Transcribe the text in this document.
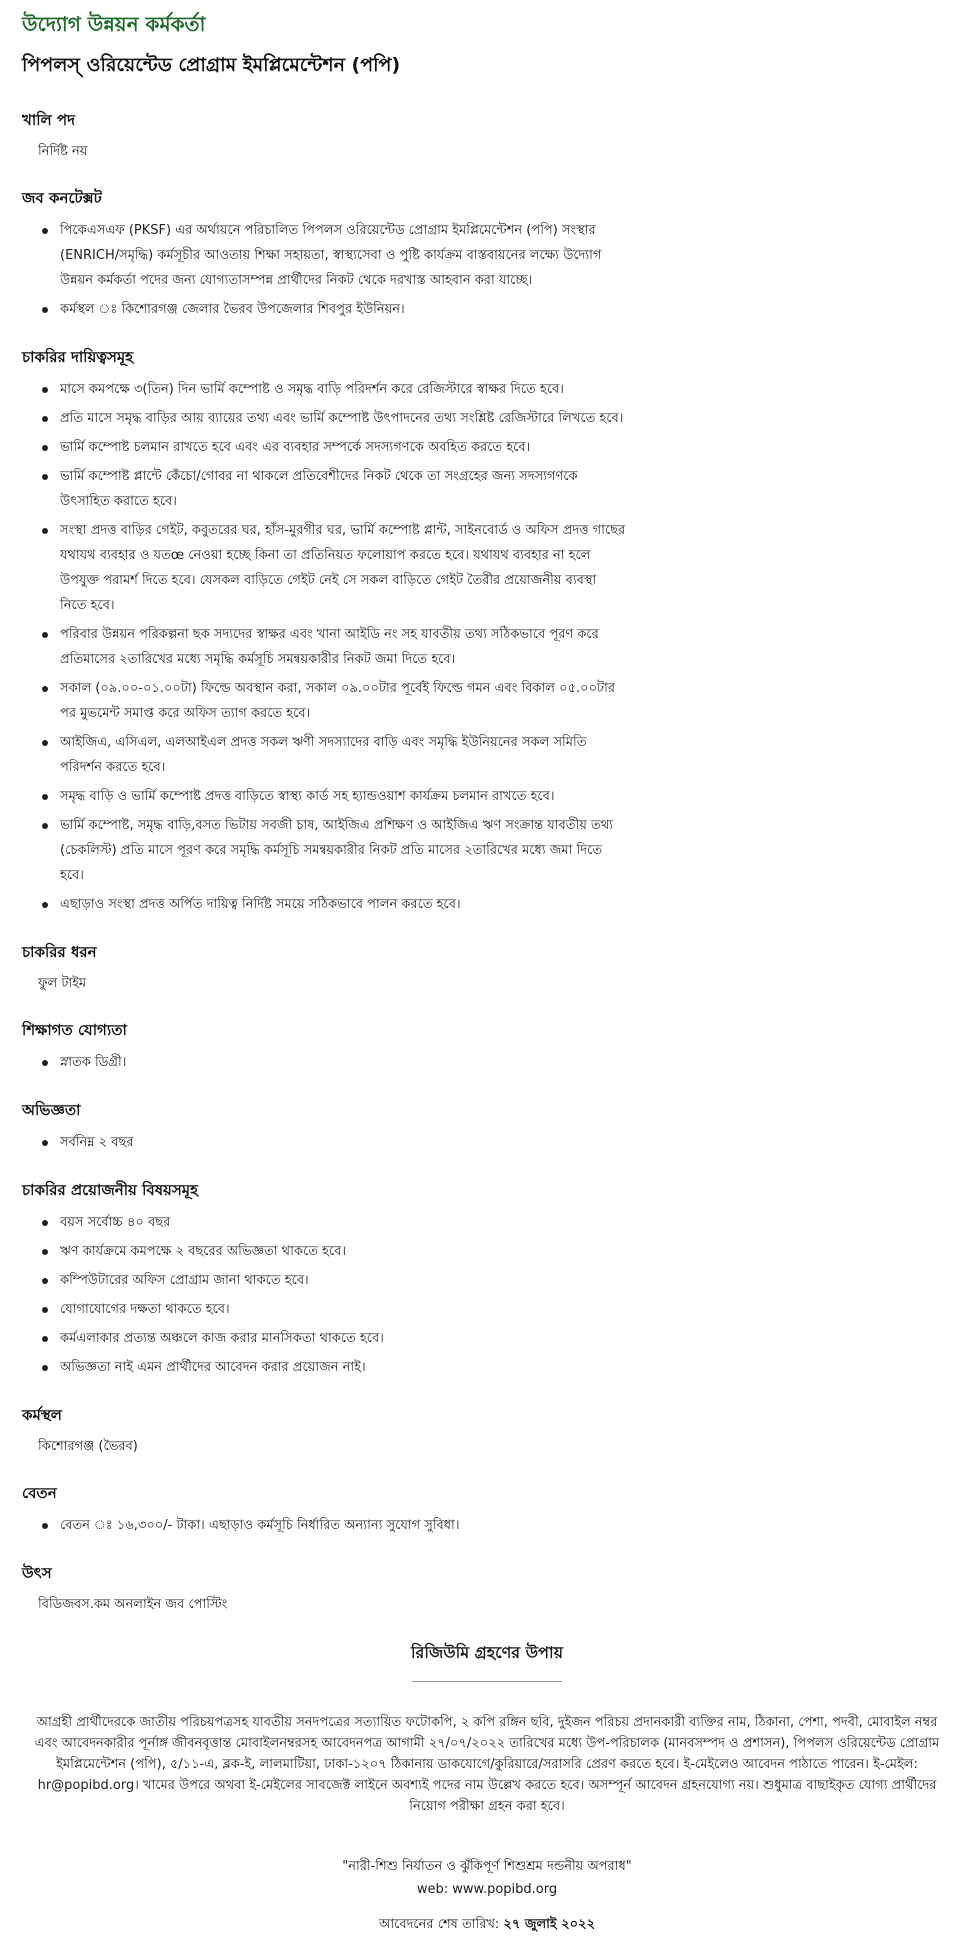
উদ্যোগ উন্নয়ন কর্মকর্তা
পিপলস্ ওরিয়েন্টেড প্রোগ্রাম ইমপ্লিমেন্টেশন (পপি)
খালি পদ
নির্দিষ্ট নয়
জব কনটেক্সট
পিকেএসএফ (PKSF) এর অর্থায়নে পরিচালিত পিপলস ওরিয়েন্টেড প্রোগ্রাম ইমপ্লিমেন্টেশন (পপি) সংস্থার (ENRICH/সমৃদ্ধি) কর্মসূচীর আওতায় শিক্ষা সহায়তা, স্বাস্থ্যসেবা ও পুষ্টি কার্যক্রম বাস্তবায়নের লক্ষ্যে উদ্যোগ উন্নয়ন কর্মকর্তা পদের জন্য যোগ্যতাসম্পন্ন প্রার্থীদের নিকট থেকে দরখাস্ত আহবান করা যাচ্ছে।
কর্মস্থল ঃ কিশোরগঞ্জ জেলার ভৈরব উপজেলার শিবপুর ইউনিয়ন।
চাকরির দায়িত্বসমূহ
মাসে কমপক্ষে ৩(তিন) দিন ভার্মি কম্পোষ্ট ও সমৃদ্ধ বাড়ি পরিদর্শন করে রেজিস্টারে স্বাক্ষর দিতে হবে।
প্রতি মাসে সমৃদ্ধ বাড়ির আয় ব্যায়ের তথ্য এবং ভার্মি কম্পোষ্ট উৎপাদনের তথ্য সংশ্লিষ্ট রেজিস্টারে লিখতে হবে।
ভার্মি কম্পোষ্ট চলমান রাখতে হবে এবং এর ব্যবহার সম্পর্কে সদস্যগণকে অবহিত করতে হবে।
ভার্মি কম্পোষ্ট প্লান্টে কেঁচো/গোবর না থাকলে প্রতিবেশীদের নিকট থেকে তা সংগ্রহের জন্য সদস্যগণকে উৎসাহিত করাতে হবে।
সংস্থা প্রদত্ত বাড়ির গেইট, কবুতরের ঘর, হাঁস-মুরগীর ঘর, ভার্মি কম্পোষ্ট প্লান্ট, সাইনবোর্ড ও অফিস প্রদত্ত গাছের যথাযথ ব্যবহার ও যতœ নেওয়া হচ্ছে কিনা তা প্রতিনিয়ত ফলোয়াপ করতে হবে। যথাযথ ব্যবহার না হলে উপযুক্ত পরামর্শ দিতে হবে। যেসকল বাড়িতে গেইট নেই সে সকল বাড়িতে গেইট তৈরীর প্রয়োজনীয় ব্যবস্থা নিতে হবে।
পরিবার উন্নয়ন পরিকল্পনা ছক সদ্যদের স্বাক্ষর এবং খানা আইডি নং সহ যাবতীয় তথ্য সঠিকভাবে পূরণ করে প্রতিমাসের ২তারিখের মধ্যে সমৃদ্ধি কর্মসূচি সমন্বয়কারীর নিকট জমা দিতে হবে।
সকাল (০৯.০০-০১.০০টা) ফিল্ডে অবস্থান করা, সকাল ০৯.০০টার পূর্বেই ফিল্ডে গমন এবং বিকাল ০৫.০০টার পর মুভমেন্ট সমাপ্ত করে অফিস ত্যাগ করতে হবে।
আইজিএ, এসিএল, এলআইএল প্রদত্ত সকল ঋণী সদস্যাদের বাড়ি এবং সমৃদ্ধি ইউনিয়নের সকল সমিতি পরিদর্শন করতে হবে।
সমৃদ্ধ বাড়ি ও ভার্মি কম্পোষ্ট প্রদত্ত বাড়িতে স্বাস্থ্য কার্ড সহ হ্যান্ডওয়াশ কার্যক্রম চলমান রাখতে হবে।
ভার্মি কম্পোষ্ট, সমৃদ্ধ বাড়ি,বসত ভিটায় সবজী চাষ, আইজিএ প্রশিক্ষণ ও আইজিএ ঋণ সংক্রান্ত যাবতীয় তথ্য (চেকলিস্ট) প্রতি মাসে পূরণ করে সমৃদ্ধি কর্মসূচি সমন্বয়কারীর নিকট প্রতি মাসের ২তারিখের মধ্যে জমা দিতে হবে।
এছাড়াও সংস্থা প্রদত্ত অর্পিত দায়িত্ব নির্দিষ্ট সময়ে সঠিকভাবে পালন করতে হবে।
চাকরির ধরন
ফুল টাইম
শিক্ষাগত যোগ্যতা
স্নাতক ডিগ্রী।
অভিজ্ঞতা
সর্বনিম্ন ২ বছর
চাকরির প্রয়োজনীয় বিষয়সমূহ
বয়স সর্বোচ্চ ৪০ বছর
ঋণ কার্যক্রমে কমপক্ষে ২ বছরের অভিজ্ঞতা থাকতে হবে।
কম্পিউটারের অফিস প্রোগ্রাম জানা থাকতে হবে।
যোগাযোগের দক্ষতা থাকতে হবে।
কর্মএলাকার প্রত্যন্ত অঞ্চলে কাজ করার মানসিকতা থাকতে হবে।
অভিজ্ঞতা নাই এমন প্রার্থীদের আবেদন করার প্রয়োজন নাই।
কর্মস্থল
কিশোরগঞ্জ (ভৈরব)
বেতন
বেতন ঃ ১৬,৩০০/- টাকা। এছাড়াও কর্মসূচি নির্ধারিত অন্যান্য সুযোগ সুবিধা।
উৎস
বিডিজবস.কম অনলাইন জব পোস্টিং
রিজিউমি গ্রহণের উপায়
আগ্রহী প্রার্থীদেরকে জাতীয় পরিচয়পত্রসহ যাবতীয় সনদপত্রের সত্যায়িত ফটোকপি, ২ কপি রঙ্গিন ছবি, দুইজন পরিচয় প্রদানকারী ব্যক্তির নাম, ঠিকানা, পেশা, পদবী, মোবাইল নম্বর এবং আবেদনকারীর পূর্নাঙ্গ জীবনবৃত্তান্ত মোবাইলনম্বরসহ আবেদনপত্র আগামী ২৭/০৭/২০২২ তারিখের মধ্যে উপ-পরিচালক (মানবসম্পদ ও প্রশাসন), পিপলস ওরিয়েন্টেড প্রোগ্রাম ইমপ্লিমেন্টেশন (পপি), ৫/১১-এ, ব্লক-ই, লালমাটিয়া, ঢাকা-১২০৭ ঠিকানায় ডাকযোগে/কুরিয়ারে/সরাসরি প্রেরণ করতে হবে। ই-মেইলেও আবেদন পাঠাতে পারেন। ই-মেইল: hr@popibd.org। খামের উপরে অথবা ই-মেইলের সাবজেক্ট লাইনে অবশ্যই পদের নাম উল্লেখ করতে হবে। অসম্পূর্ন আবেদন গ্রহনযোগ্য নয়। শুধুমাত্র বাছাইকৃত যোগ্য প্রার্থীদের নিয়োগ পরীক্ষা গ্রহন করা হবে।
"নারী-শিশু নির্যাতন ও ঝুঁকিপূর্ণ শিশুশ্রম দন্ডনীয় অপরাধ"
web: www.popibd.org
আবেদনের শেষ তারিখ: ২৭ জুলাই ২০২২
